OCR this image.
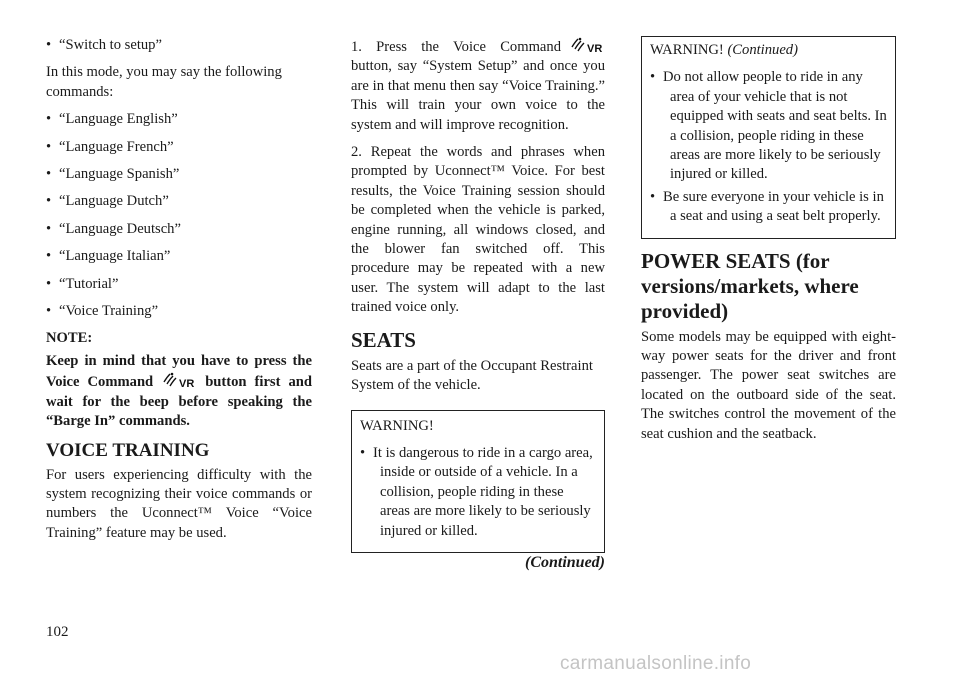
• “Switch to setup”

In this mode, you may say the following commands:

• “Language English”

• “Language French”

• “Language Spanish”

• “Language Dutch”

• “Language Deutsch”

• “Language Italian”

• “Tutorial”

• “Voice Training”

NOTE:

Keep in mind that you have to press the Voice Command VR button first and wait for the beep before speaking the “Barge In” commands.

VOICE TRAINING

For users experiencing difficulty with the system recognizing their voice commands or numbers the Uconnect™ Voice “Voice Training” feature may be used.

1. Press the Voice Command VR
button, say “System Setup” and once you are in that menu then say “Voice Training.” This will train your own voice to the system and will improve recognition.

2. Repeat the words and phrases when prompted by Uconnect™ Voice. For best results, the Voice Training session should be completed when the vehicle is parked, engine running, all windows closed, and the blower fan switched off. This procedure may be repeated with a new user. The system will adapt to the last trained voice only.

SEATS

Seats are a part of the Occupant Restraint System of the vehicle.

WARNING!

• It is dangerous to ride in a cargo area, inside or outside of a vehicle. In a collision, people riding in these areas are more likely to be seriously injured or killed.

(Continued)

WARNING! (Continued)

• Do not allow people to ride in any area of your vehicle that is not equipped with seats and seat belts. In a collision, people riding in these areas are more likely to be seriously injured or killed.
• Be sure everyone in your vehicle is in a seat and using a seat belt properly.
POWER SEATS (for versions/markets, where provided)

Some models may be equipped with eight-way power seats for the driver and front passenger. The power seat switches are located on the outboard side of the seat. The switches control the movement of the seat cushion and the seatback.

102
carmanualsonline.info
